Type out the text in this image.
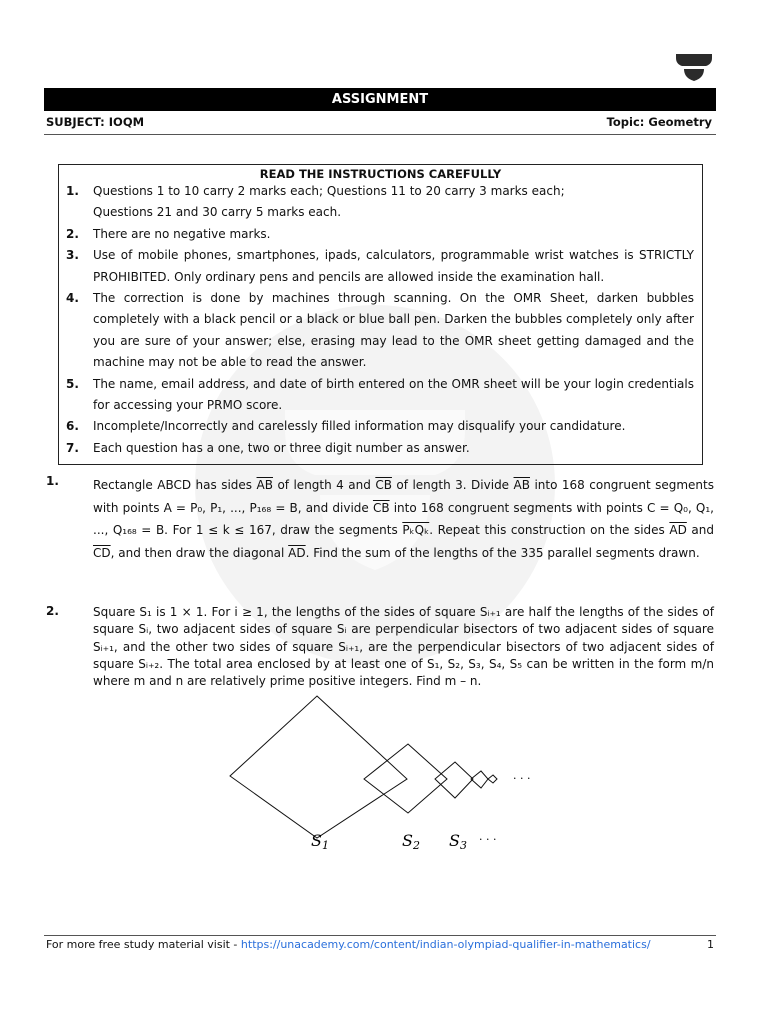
ASSIGNMENT
SUBJECT: IOQM	Topic: Geometry
READ THE INSTRUCTIONS CAREFULLY
1. Questions 1 to 10 carry 2 marks each; Questions 11 to 20 carry 3 marks each;
Questions 21 and 30 carry 5 marks each.
2. There are no negative marks.
3. Use of mobile phones, smartphones, ipads, calculators, programmable wrist watches is STRICTLY PROHIBITED. Only ordinary pens and pencils are allowed inside the examination hall.
4. The correction is done by machines through scanning. On the OMR Sheet, darken bubbles completely with a black pencil or a black or blue ball pen. Darken the bubbles completely only after you are sure of your answer; else, erasing may lead to the OMR sheet getting damaged and the machine may not be able to read the answer.
5. The name, email address, and date of birth entered on the OMR sheet will be your login credentials for accessing your PRMO score.
6. Incomplete/Incorrectly and carelessly filled information may disqualify your candidature.
7. Each question has a one, two or three digit number as answer.
1.	Rectangle ABCD has sides $\overline{AB}$ of length 4 and $\overline{CB}$ of length 3. Divide $\overline{AB}$ into 168 congruent segments with points A = P₀, P₁, ..., P₁₆₈ = B, and divide $\overline{CB}$ into 168 congruent segments with points C = Q₀, Q₁, ..., Q₁₆₈ = B. For 1 ≤ k ≤ 167, draw the segments PₖQₖ. Repeat this construction on the sides $\overline{AD}$ and $\overline{CD}$, and then draw the diagonal $\overline{AD}$. Find the sum of the lengths of the 335 parallel segments drawn.
2.	Square S₁ is 1 × 1. For i ≥ 1, the lengths of the sides of square Sᵢ₊₁ are half the lengths of the sides of square Sᵢ, two adjacent sides of square Sᵢ are perpendicular bisectors of two adjacent sides of square Sᵢ₊₁, and the other two sides of square Sᵢ₊₁, are the perpendicular bisectors of two adjacent sides of square Sᵢ₊₂. The total area enclosed by at least one of S₁, S₂, S₃, S₄, S₅ can be written in the form m/n where m and n are relatively prime positive integers. Find m – n.
S1	S2 S3 · · ·
· · ·
For more free study material visit - https://unacademy.com/content/indian-olympiad-qualifier-in-mathematics/	1
